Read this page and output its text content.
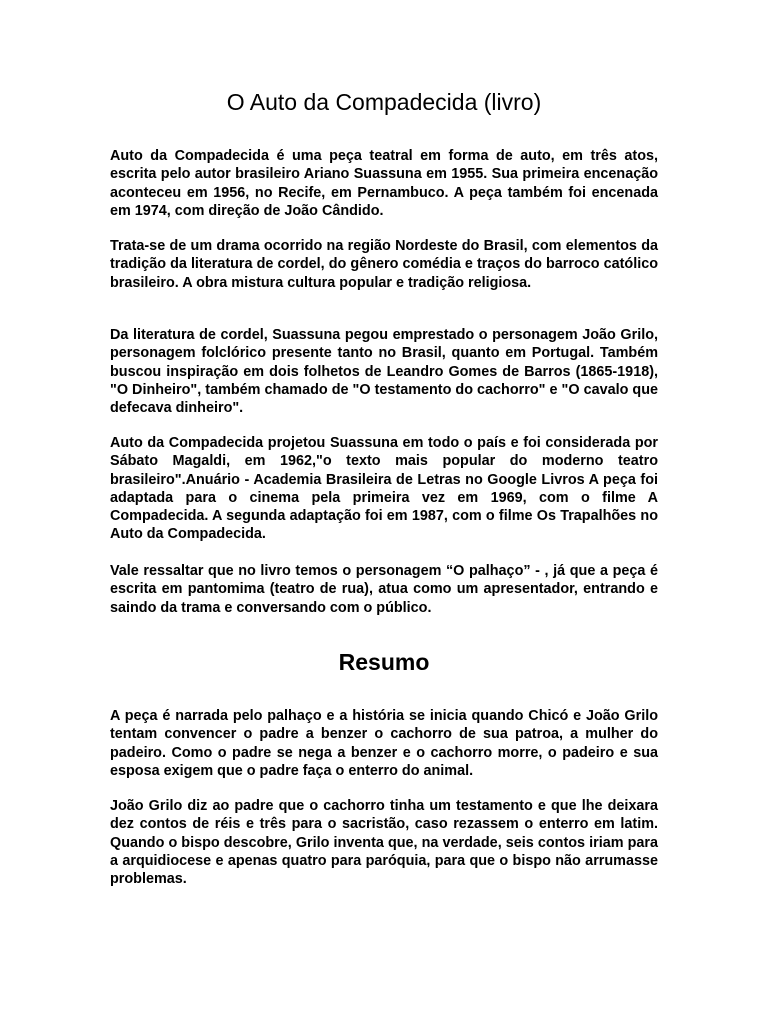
O Auto da Compadecida (livro)

Auto da Compadecida é uma peça teatral em forma de auto, em três atos, escrita pelo autor brasileiro Ariano Suassuna em 1955. Sua primeira encenação aconteceu em 1956, no Recife, em Pernambuco. A peça também foi encenada em 1974, com direção de João Cândido.

Trata-se de um drama ocorrido na região Nordeste do Brasil, com elementos da tradição da literatura de cordel, do gênero comédia e traços do barroco católico brasileiro. A obra mistura cultura popular e tradição religiosa.

Da literatura de cordel, Suassuna pegou emprestado o personagem João Grilo, personagem folclórico presente tanto no Brasil, quanto em Portugal. Também buscou inspiração em dois folhetos de Leandro Gomes de Barros (1865-1918), "O Dinheiro", também chamado de "O testamento do cachorro" e "O cavalo que defecava dinheiro".

Auto da Compadecida projetou Suassuna em todo o país e foi considerada por Sábato Magaldi, em 1962,"o texto mais popular do moderno teatro brasileiro".Anuário - Academia Brasileira de Letras no Google Livros A peça foi adaptada para o cinema pela primeira vez em 1969, com o filme A Compadecida. A segunda adaptação foi em 1987, com o filme Os Trapalhões no Auto da Compadecida.

Vale ressaltar que no livro temos o personagem “O palhaço” - , já que a peça é escrita em pantomima (teatro de rua), atua como um apresentador, entrando e saindo da trama e conversando com o público.

Resumo

A peça é narrada pelo palhaço e a história se inicia quando Chicó e João Grilo tentam convencer o padre a benzer o cachorro de sua patroa, a mulher do padeiro. Como o padre se nega a benzer e o cachorro morre, o padeiro e sua esposa exigem que o padre faça o enterro do animal.

João Grilo diz ao padre que o cachorro tinha um testamento e que lhe deixara dez contos de réis e três para o sacristão, caso rezassem o enterro em latim. Quando o bispo descobre, Grilo inventa que, na verdade, seis contos iriam para a arquidiocese e apenas quatro para paróquia, para que o bispo não arrumasse problemas.
